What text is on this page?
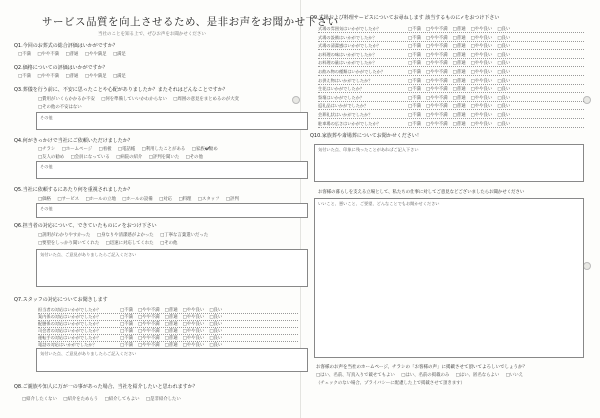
サービス品質を向上させるため、是非お声をお聞かせ下さい
当社のことを知る上で、ぜひお声をお聞かせください
Q1.今回のお葬式の総合評価はいかがですか？
□不満 □やや不満 □普通 □やや満足 □満足
Q2.価格についての評価はいかがですか？
□不満 □やや不満 □普通 □やや満足 □満足
Q3.葬儀を行う前に、不安に思ったことや心配がありましたか？またそれはどんなことですか？
□費用がいくらかかるか不安 □何を準備していいかわからない □周囲の意見をまとめるのが大変
□その他の不安はない
その他
Q4.何がきっかけで当社にご依頼いただけましたか？
□チラシ □ホームページ □看板 □電話帳 □利用したことがある □家族の勧め
□友人の勧め □会員になっている □病院の紹介 □評判を聞いた □その他
その他
Q5.当社に依頼するにあたり何を重視されましたか？
□価格 □サービス □ホールの立地 □ホールの設備 □対応 □料理 □スタッフ □評判
その他
Q6.担当者の対応について、できていたものに✓をおつけ下さい
□説明がわかりやすかった □身なりや清潔感がよかった □丁寧な言葉遣いだった
□要望をしっかり聞いてくれた □迅速に対応してくれた □その他
気付いた点、ご意見がありましたらご記入ください
Q7.スタッフの対応についてお聞きします
担当者の対応はいかがでしたか？	□不満 □やや不満 □普通 □やや良い □良い
案内係の対応はいかがでしたか？	□不満 □やや不満 □普通 □やや良い □良い
配膳係の対応はいかがでしたか？	□不満 □やや不満 □普通 □やや良い □良い
司会者の対応はいかがでしたか？	□不満 □やや不満 □普通 □やや良い □良い
運転手の対応はいかがでしたか？	□不満 □やや不満 □普通 □やや良い □良い
電話の対応はいかがでしたか？	□不満 □やや不満 □普通 □やや良い □良い
気付いた点、ご意見がありましたらご記入ください
Q8.ご親族や知人に万が一の事があった場合、当社を紹介したいと思われますか？
□紹介したくない □紹介をためらう □紹介してもよい □是非紹介したい
Q9.式場および料理サービスについてお尋ねします 該当するものに✓をおつけ下さい
式場の雰囲気はいかがでしたか？	□不満 □やや不満 □普通 □やや良い □良い
式場の設備はいかがでしたか？	□不満 □やや不満 □普通 □やや良い □良い
式場の清潔感はいかがでしたか？	□不満 □やや不満 □普通 □やや良い □良い
お料理の味はいかがでしたか？	□不満 □やや不満 □普通 □やや良い □良い
お料理の量はいかがでしたか？	□不満 □やや不満 □普通 □やや良い □良い
お飲み物の種類はいかがでしたか？	□不満 □やや不満 □普通 □やや良い □良い
お供え物はいかがでしたか？	□不満 □やや不満 □普通 □やや良い □良い
生花はいかがでしたか？	□不満 □やや不満 □普通 □やや良い □良い
祭壇はいかがでしたか？	□不満 □やや不満 □普通 □やや良い □良い
返礼品はいかがでしたか？	□不満 □やや不満 □普通 □やや良い □良い
会葬礼状はいかがでしたか？	□不満 □やや不満 □普通 □やや良い □良い
駐車場の広さはいかがでしたか？	□不満 □やや不満 □普通 □やや良い □良い
Q10.家族葬や斎場葬についてお聞かせください！
気付いた点、印象に残ったことがあればご記入下さい
お客様の暮らしを支える立場として、私たちの仕事に対してご意見などございましたらお聞かせください
いいこと、悪いこと、ご要望、どんなことでもお聞かせください
お客様のお声を当社のホームページ、チラシの「お客様の声」に掲載させて頂いてよろしいでしょうか？
□はい、名前、写真入りで載せてもよい □はい、名前の掲載のみ □はい、匿名ならよい □いいえ
（チェックのない場合、プライバシーに配慮した上で掲載させて頂きます）
